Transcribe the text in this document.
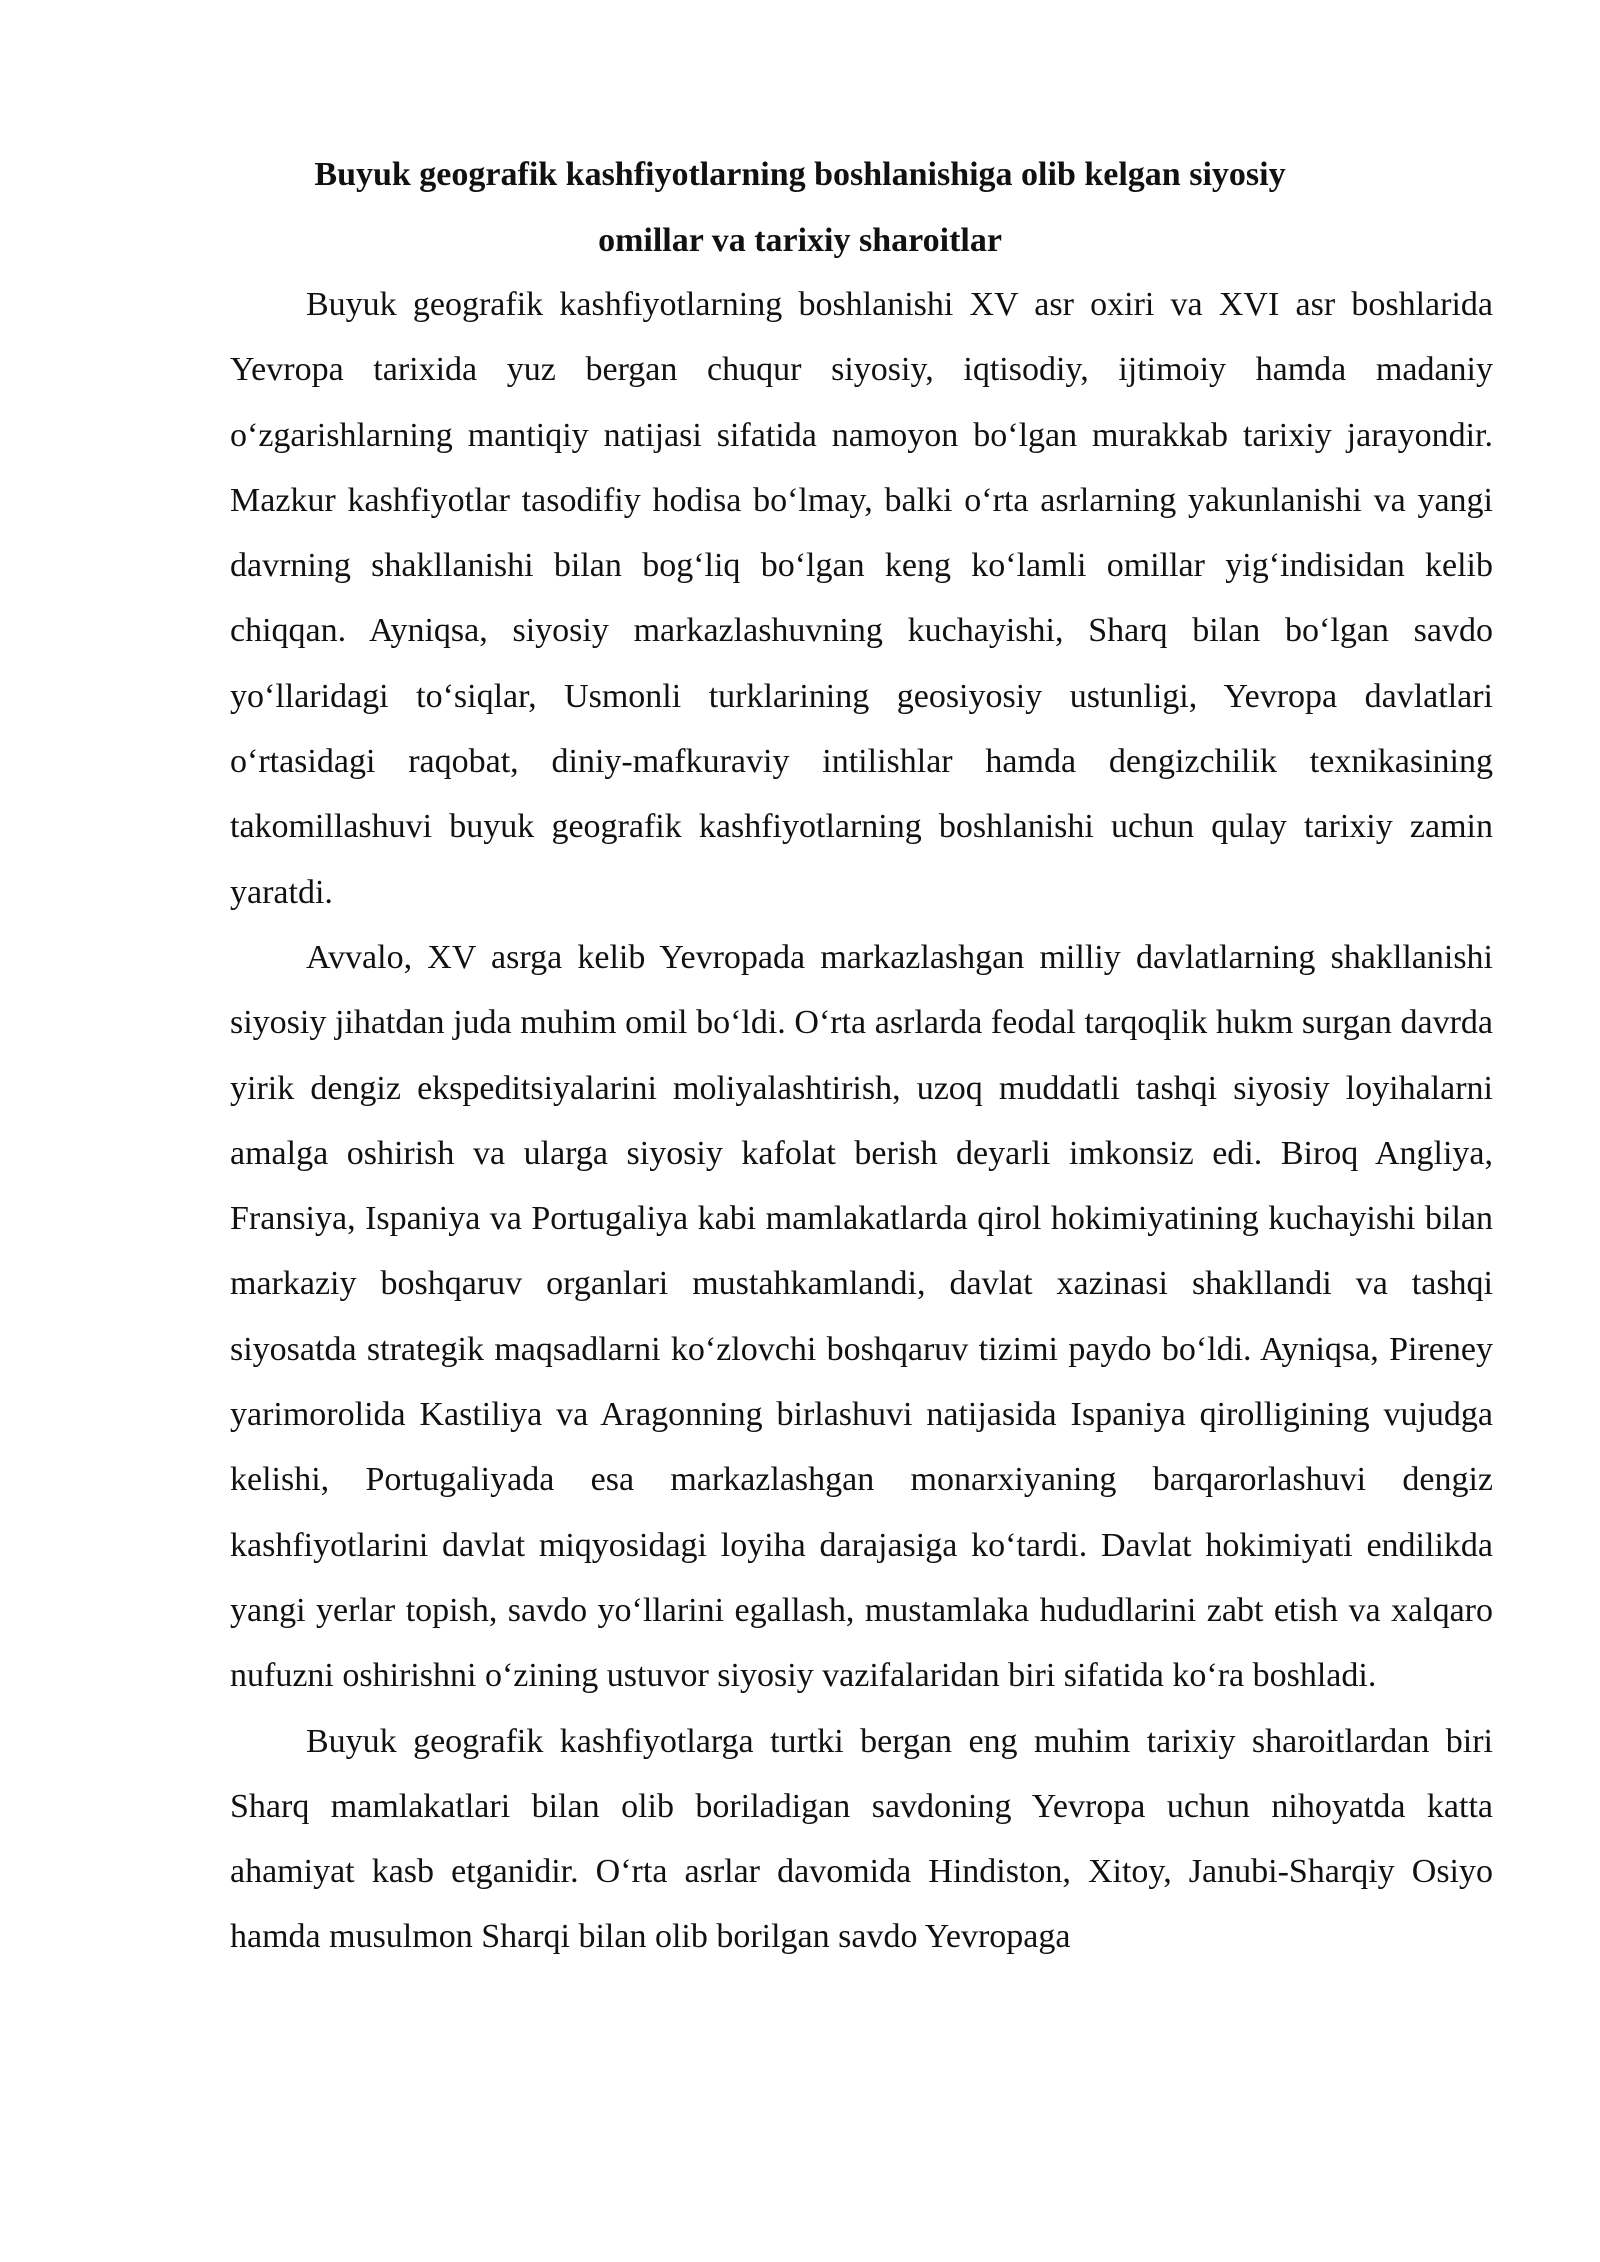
Buyuk geografik kashfiyotlarning boshlanishiga olib kelgan siyosiy
omillar va tarixiy sharoitlar

Buyuk geografik kashfiyotlarning boshlanishi XV asr oxiri va XVI asr boshlarida Yevropa tarixida yuz bergan chuqur siyosiy, iqtisodiy, ijtimoiy hamda madaniy o‘zgarishlarning mantiqiy natijasi sifatida namoyon bo‘lgan murakkab tarixiy jarayondir. Mazkur kashfiyotlar tasodifiy hodisa bo‘lmay, balki o‘rta asrlarning yakunlanishi va yangi davrning shakllanishi bilan bog‘liq bo‘lgan keng ko‘lamli omillar yig‘indisidan kelib chiqqan. Ayniqsa, siyosiy markazlashuvning kuchayishi, Sharq bilan bo‘lgan savdo yo‘llaridagi to‘siqlar, Usmonli turklarining geosiyosiy ustunligi, Yevropa davlatlari o‘rtasidagi raqobat, diniy-mafkuraviy intilishlar hamda dengizchilik texnikasining takomillashuvi buyuk geografik kashfiyotlarning boshlanishi uchun qulay tarixiy zamin yaratdi.

Avvalo, XV asrga kelib Yevropada markazlashgan milliy davlatlarning shakllanishi siyosiy jihatdan juda muhim omil bo‘ldi. O‘rta asrlarda feodal tarqoqlik hukm surgan davrda yirik dengiz ekspeditsiyalarini moliyalashtirish, uzoq muddatli tashqi siyosiy loyihalarni amalga oshirish va ularga siyosiy kafolat berish deyarli imkonsiz edi. Biroq Angliya, Fransiya, Ispaniya va Portugaliya kabi mamlakatlarda qirol hokimiyatining kuchayishi bilan markaziy boshqaruv organlari mustahkamlandi, davlat xazinasi shakllandi va tashqi siyosatda strategik maqsadlarni ko‘zlovchi boshqaruv tizimi paydo bo‘ldi. Ayniqsa, Pireney yarimorolida Kastiliya va Aragonning birlashuvi natijasida Ispaniya qirolligining vujudga kelishi, Portugaliyada esa markazlashgan monarxiyaning barqarorlashuvi dengiz kashfiyotlarini davlat miqyosidagi loyiha darajasiga ko‘tardi. Davlat hokimiyati endilikda yangi yerlar topish, savdo yo‘llarini egallash, mustamlaka hududlarini zabt etish va xalqaro nufuzni oshirishni o‘zining ustuvor siyosiy vazifalaridan biri sifatida ko‘ra boshladi.

Buyuk geografik kashfiyotlarga turtki bergan eng muhim tarixiy sharoitlardan biri Sharq mamlakatlari bilan olib boriladigan savdoning Yevropa uchun nihoyatda katta ahamiyat kasb etganidir. O‘rta asrlar davomida Hindiston, Xitoy, Janubi-Sharqiy Osiyo hamda musulmon Sharqi bilan olib borilgan savdo Yevropaga
